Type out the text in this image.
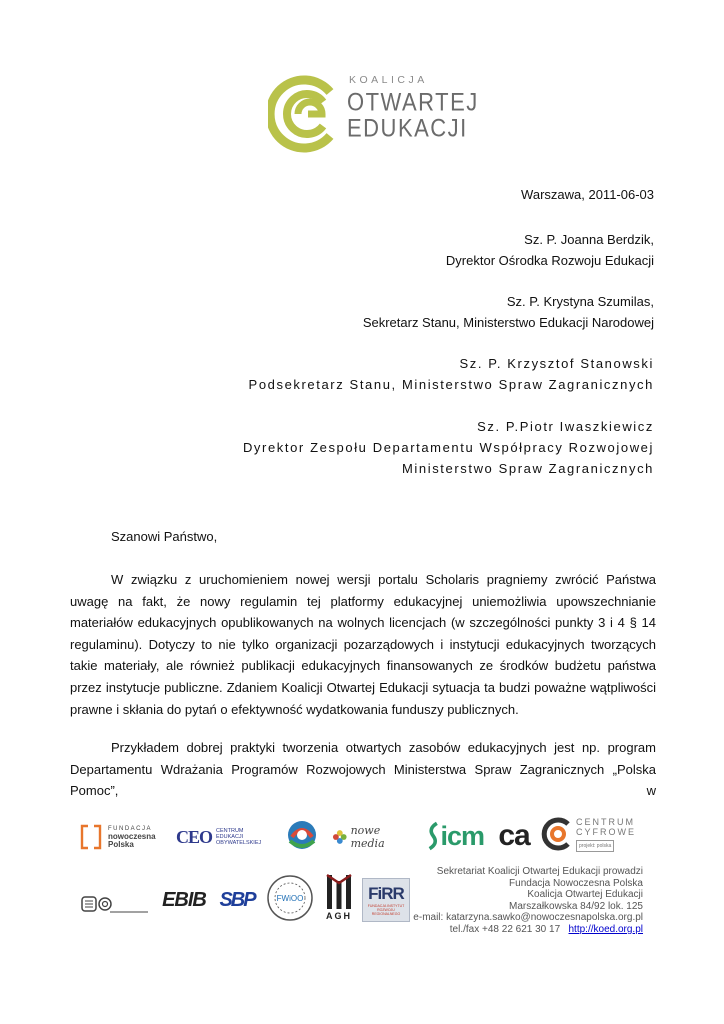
KOALICJA
OTWARTEJ
EDUKACJI
Warszawa, 2011-06-03
Sz. P. Joanna Berdzik,
Dyrektor Ośrodka Rozwoju Edukacji
Sz. P. Krystyna Szumilas,
Sekretarz Stanu, Ministerstwo Edukacji Narodowej
Sz. P. Krzysztof Stanowski
Podsekretarz Stanu, Ministerstwo Spraw Zagranicznych
Sz. P.Piotr Iwaszkiewicz
Dyrektor Zespołu Departamentu Współpracy Rozwojowej
Ministerstwo Spraw Zagranicznych
Szanowi Państwo,

W związku z uruchomieniem nowej wersji portalu Scholaris pragniemy zwrócić Państwa uwagę na fakt, że nowy regulamin tej platformy edukacyjnej uniemożliwia upowszechnianie materiałów edukacyjnych opublikowanych na wolnych licencjach (w szczególności punkty 3 i 4 § 14 regulaminu). Dotyczy to nie tylko organizacji pozarządowych i instytucji edukacyjnych tworzących takie materiały, ale również publikacji edukacyjnych finansowanych ze środków budżetu państwa przez instytucje publiczne. Zdaniem Koalicji Otwartej Edukacji sytuacja ta budzi poważne wątpliwości prawne i skłania do pytań o efektywność wydatkowania funduszy publicznych.

Przykładem dobrej praktyki tworzenia otwartych zasobów edukacyjnych jest np. program Departamentu Wdrażania Programów Rozwojowych Ministerstwa Spraw Zagranicznych „Polska Pomoc”, w

FUNDACJA
nowoczesna
Polska	CEO CENTRUM
EDUKACJI
OBYWATELSKIEJ
nowe media	icm ca	CENTRUM
CYFROWE
projekt: polska
EBIB SBP	FWiOO
AGH
FiRR
FUNDACJA INSTYTUT ROZWOJU REGIONALNEGO
Sekretariat Koalicji Otwartej Edukacji prowadzi
Fundacja Nowoczesna Polska
Koalicja Otwartej Edukacji
Marszałkowska 84/92 lok. 125
e-mail: katarzyna.sawko@nowoczesnapolska.org.pl
tel./fax +48 22 621 30 17 http://koed.org.pl
